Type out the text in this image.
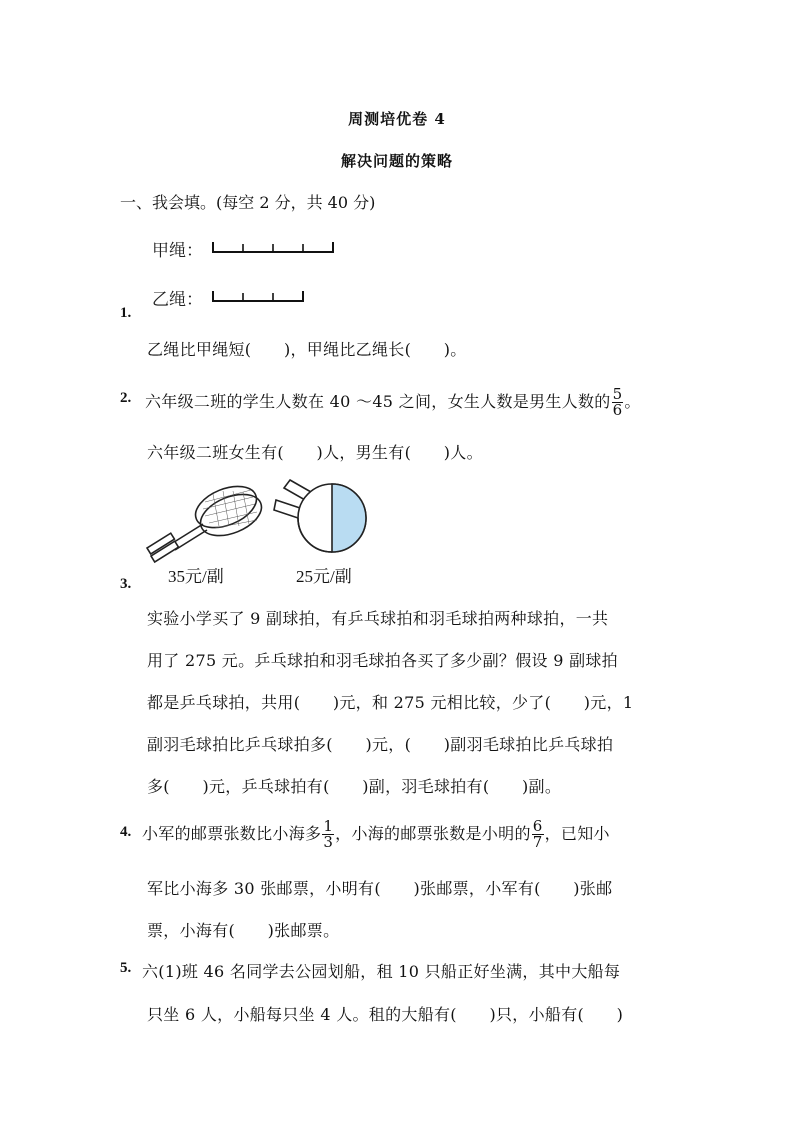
周测培优卷 4
解决问题的策略
一、我会填。(每空 2 分，共 40 分)
甲绳：
乙绳：
1.
乙绳比甲绳短(　　)，甲绳比乙绳长(　　)。
2. 六年级二班的学生人数在 40 ～45 之间，女生人数是男生人数的 $\frac{5}{6}$ 。
六年级二班女生有(　　)人，男生有(　　)人。
35元/副	25元/副
3.
实验小学买了 9 副球拍，有乒乓球拍和羽毛球拍两种球拍，一共
用了 275 元。乒乓球拍和羽毛球拍各买了多少副？假设 9 副球拍
都是乒乓球拍，共用(　　)元，和 275 元相比较，少了(　　)元，1
副羽毛球拍比乒乓球拍多(　　)元，(　　)副羽毛球拍比乒乓球拍
多(　　)元，乒乓球拍有(　　)副，羽毛球拍有(　　)副。
4. 小军的邮票张数比小海多 $\frac{1}{3}$ ，小海的邮票张数是小明的 $\frac{6}{7}$ ，已知小
军比小海多 30 张邮票，小明有(　　)张邮票，小军有(　　)张邮
票，小海有(　　)张邮票。
5. 六(1)班 46 名同学去公园划船，租 10 只船正好坐满，其中大船每
只坐 6 人，小船每只坐 4 人。租的大船有(　　)只，小船有(　　)
